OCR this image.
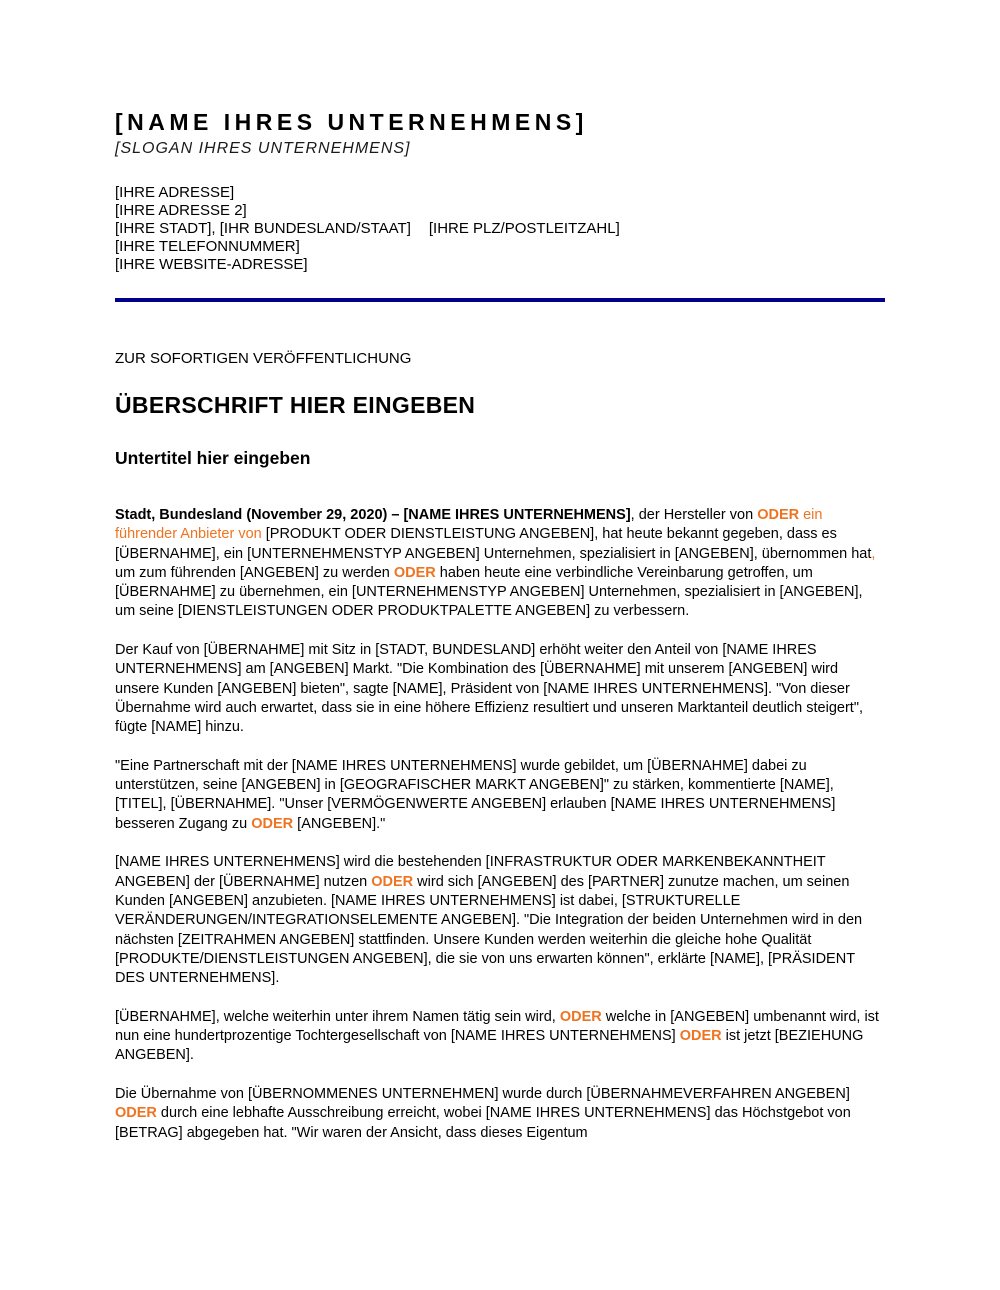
[NAME IHRES UNTERNEHMENS]
[SLOGAN IHRES UNTERNEHMENS]
[IHRE ADRESSE]
[IHRE ADRESSE 2]
[IHRE STADT], [IHR BUNDESLAND/STAAT] [IHRE PLZ/POSTLEITZAHL]
[IHRE TELEFONNUMMER]
[IHRE WEBSITE-ADRESSE]
ZUR SOFORTIGEN VERÖFFENTLICHUNG
ÜBERSCHRIFT HIER EINGEBEN
Untertitel hier eingeben

Stadt, Bundesland (November 29, 2020) – [NAME IHRES UNTERNEHMENS], der Hersteller von ODER ein führender Anbieter von [PRODUKT ODER DIENSTLEISTUNG ANGEBEN], hat heute bekannt gegeben, dass es [ÜBERNAHME], ein [UNTERNEHMENSTYP ANGEBEN] Unternehmen, spezialisiert in [ANGEBEN], übernommen hat, um zum führenden [ANGEBEN] zu werden ODER haben heute eine verbindliche Vereinbarung getroffen, um [ÜBERNAHME] zu übernehmen, ein [UNTERNEHMENSTYP ANGEBEN] Unternehmen, spezialisiert in [ANGEBEN], um seine [DIENSTLEISTUNGEN ODER PRODUKTPALETTE ANGEBEN] zu verbessern.

Der Kauf von [ÜBERNAHME] mit Sitz in [STADT, BUNDESLAND] erhöht weiter den Anteil von [NAME IHRES UNTERNEHMENS] am [ANGEBEN] Markt. "Die Kombination des [ÜBERNAHME] mit unserem [ANGEBEN] wird unsere Kunden [ANGEBEN] bieten", sagte [NAME], Präsident von [NAME IHRES UNTERNEHMENS]. "Von dieser Übernahme wird auch erwartet, dass sie in eine höhere Effizienz resultiert und unseren Marktanteil deutlich steigert", fügte [NAME] hinzu.

"Eine Partnerschaft mit der [NAME IHRES UNTERNEHMENS] wurde gebildet, um [ÜBERNAHME] dabei zu unterstützen, seine [ANGEBEN] in [GEOGRAFISCHER MARKT ANGEBEN]" zu stärken, kommentierte [NAME], [TITEL], [ÜBERNAHME]. "Unser [VERMÖGENWERTE ANGEBEN] erlauben [NAME IHRES UNTERNEHMENS] besseren Zugang zu ODER [ANGEBEN]."

[NAME IHRES UNTERNEHMENS] wird die bestehenden [INFRASTRUKTUR ODER MARKENBEKANNTHEIT ANGEBEN] der [ÜBERNAHME] nutzen ODER wird sich [ANGEBEN] des [PARTNER] zunutze machen, um seinen Kunden [ANGEBEN] anzubieten. [NAME IHRES UNTERNEHMENS] ist dabei, [STRUKTURELLE VERÄNDERUNGEN/INTEGRATIONSELEMENTE ANGEBEN]. "Die Integration der beiden Unternehmen wird in den nächsten [ZEITRAHMEN ANGEBEN] stattfinden. Unsere Kunden werden weiterhin die gleiche hohe Qualität [PRODUKTE/DIENSTLEISTUNGEN ANGEBEN], die sie von uns erwarten können", erklärte [NAME], [PRÄSIDENT DES UNTERNEHMENS].

[ÜBERNAHME], welche weiterhin unter ihrem Namen tätig sein wird, ODER welche in [ANGEBEN] umbenannt wird, ist nun eine hundertprozentige Tochtergesellschaft von [NAME IHRES UNTERNEHMENS] ODER ist jetzt [BEZIEHUNG ANGEBEN].

Die Übernahme von [ÜBERNOMMENES UNTERNEHMEN] wurde durch [ÜBERNAHMEVERFAHREN ANGEBEN] ODER durch eine lebhafte Ausschreibung erreicht, wobei [NAME IHRES UNTERNEHMENS] das Höchstgebot von [BETRAG] abgegeben hat. "Wir waren der Ansicht, dass dieses Eigentum
